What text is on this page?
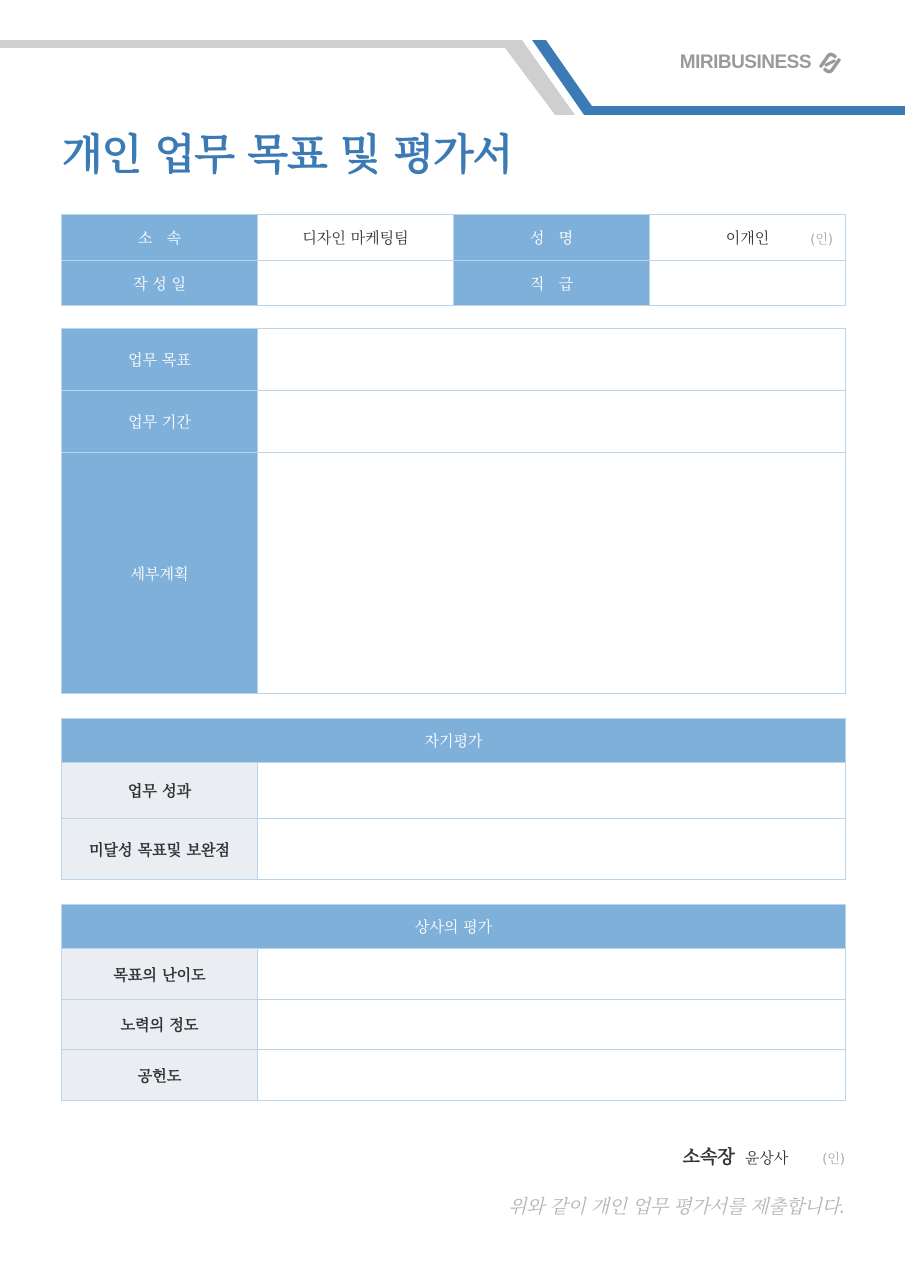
MIRIBUSINESS
개인 업무 목표 및 평가서
소   속	디자인 마케팅팀	성   명	이개인 (인)

작 성 일		직   급	
업무 목표	
업무 기간	
세부계획	
자기평가	
업무 성과	
미달성 목표및 보완점	
상사의 평가	
목표의 난이도	
노력의 정도	
공헌도	
소속장 윤상사	(인)
위와 같이 개인 업무 평가서를 제출합니다.
